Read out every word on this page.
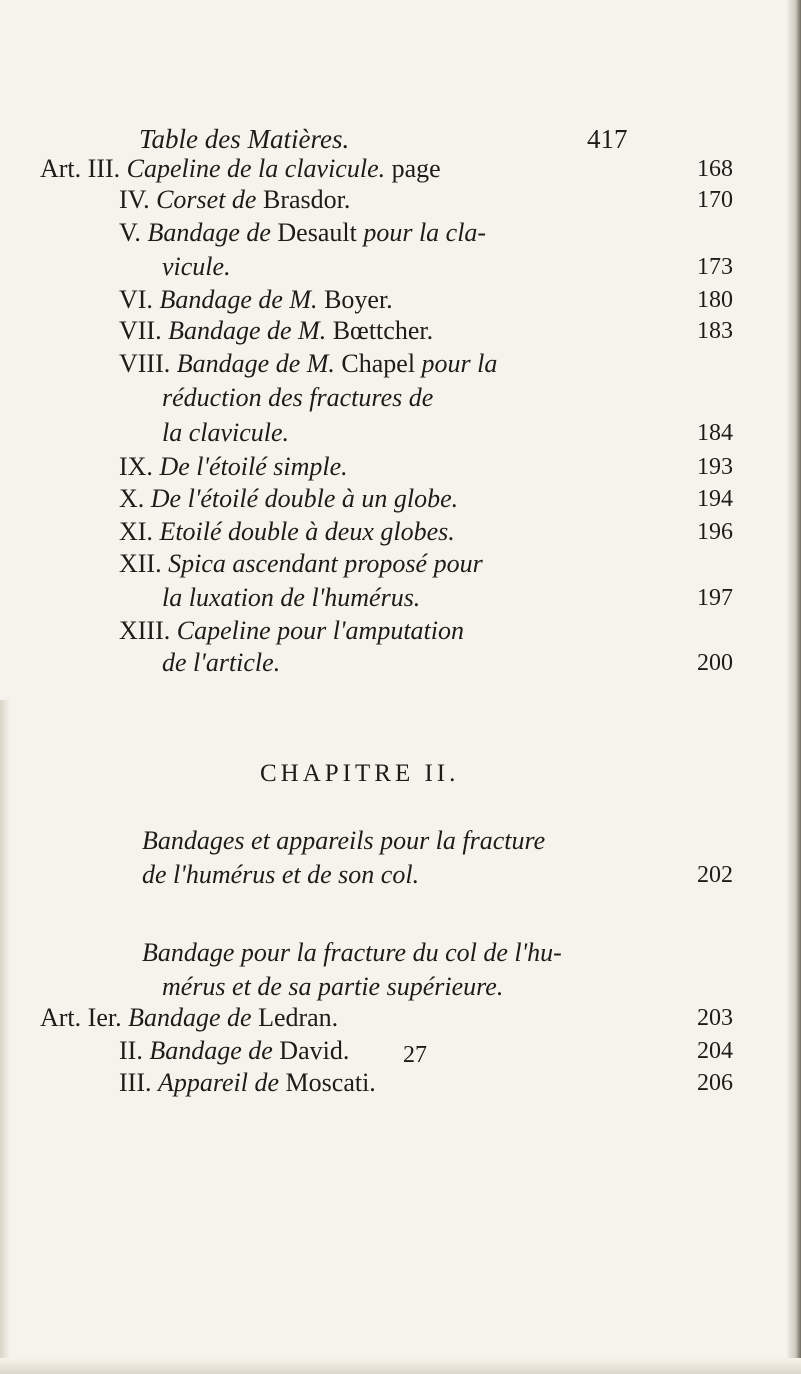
Table des Matières.	417
Art. III. Capeline de la clavicule. page	168
IV. Corset de Brasdor.	170
V. Bandage de Desault pour la cla-
vicule.	173
VI. Bandage de M. Boyer.	180
VII. Bandage de M. Bœttcher.	183
VIII. Bandage de M. Chapel pour la
réduction des fractures de
la clavicule.	184
IX. De l'étoilé simple.	193
X. De l'étoilé double à un globe.	194
XI. Etoilé double à deux globes.	196
XII. Spica ascendant proposé pour
la luxation de l'humérus.	197
XIII. Capeline pour l'amputation
de l'article.	200
CHAPITRE II.
Bandages et appareils pour la fracture
de l'humérus et de son col.	202
Bandage pour la fracture du col de l'hu-
mérus et de sa partie supérieure.
Art. Ier. Bandage de Ledran.	203
II. Bandage de David.	204
III. Appareil de Moscati.	206
27
